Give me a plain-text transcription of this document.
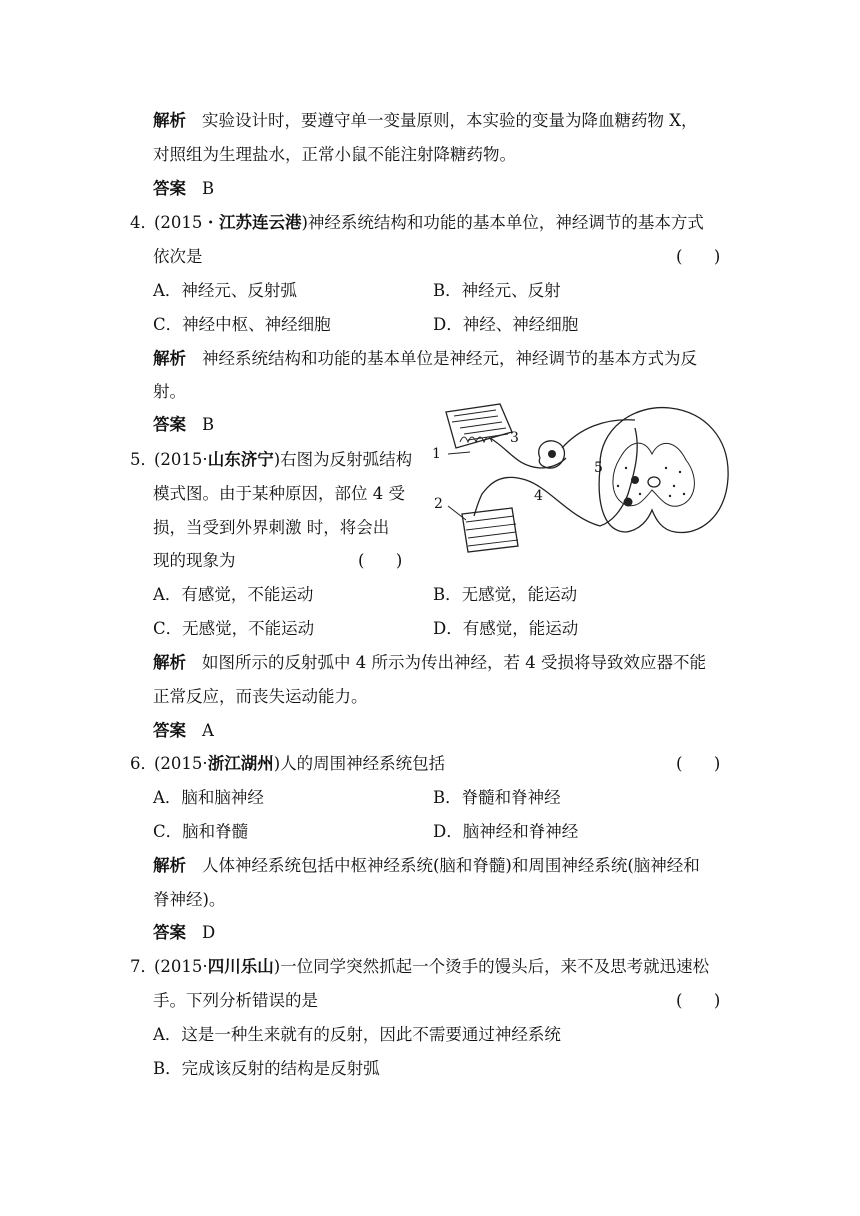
解析 实验设计时，要遵守单一变量原则，本实验的变量为降血糖药物 X，
对照组为生理盐水，正常小鼠不能注射降糖药物。
答案 B
4．(2015・江苏连云港)神经系统结构和功能的基本单位，神经调节的基本方式
依次是	(      )
A．神经元、反射弧	B．神经元、反射
C．神经中枢、神经细胞	D．神经、神经细胞
解析 神经系统结构和功能的基本单位是神经元，神经调节的基本方式为反
射。
答案 B
5．(2015·山东济宁)右图为反射弧结构
模式图。由于某种原因，部位 4 受
损，当受到外界刺激 时，将会出
现的现象为	(      )
1
2
3
4
5
A．有感觉，不能运动	B．无感觉，能运动
C．无感觉，不能运动	D．有感觉，能运动
解析 如图所示的反射弧中 4 所示为传出神经，若 4 受损将导致效应器不能
正常反应，而丧失运动能力。
答案 A
6．(2015·浙江湖州)人的周围神经系统包括	(      )
A．脑和脑神经	B．脊髓和脊神经
C．脑和脊髓	D．脑神经和脊神经
解析 人体神经系统包括中枢神经系统(脑和脊髓)和周围神经系统(脑神经和
脊神经)。
答案 D
7．(2015·四川乐山)一位同学突然抓起一个烫手的馒头后，来不及思考就迅速松
手。下列分析错误的是	(      )
A．这是一种生来就有的反射，因此不需要通过神经系统
B．完成该反射的结构是反射弧
